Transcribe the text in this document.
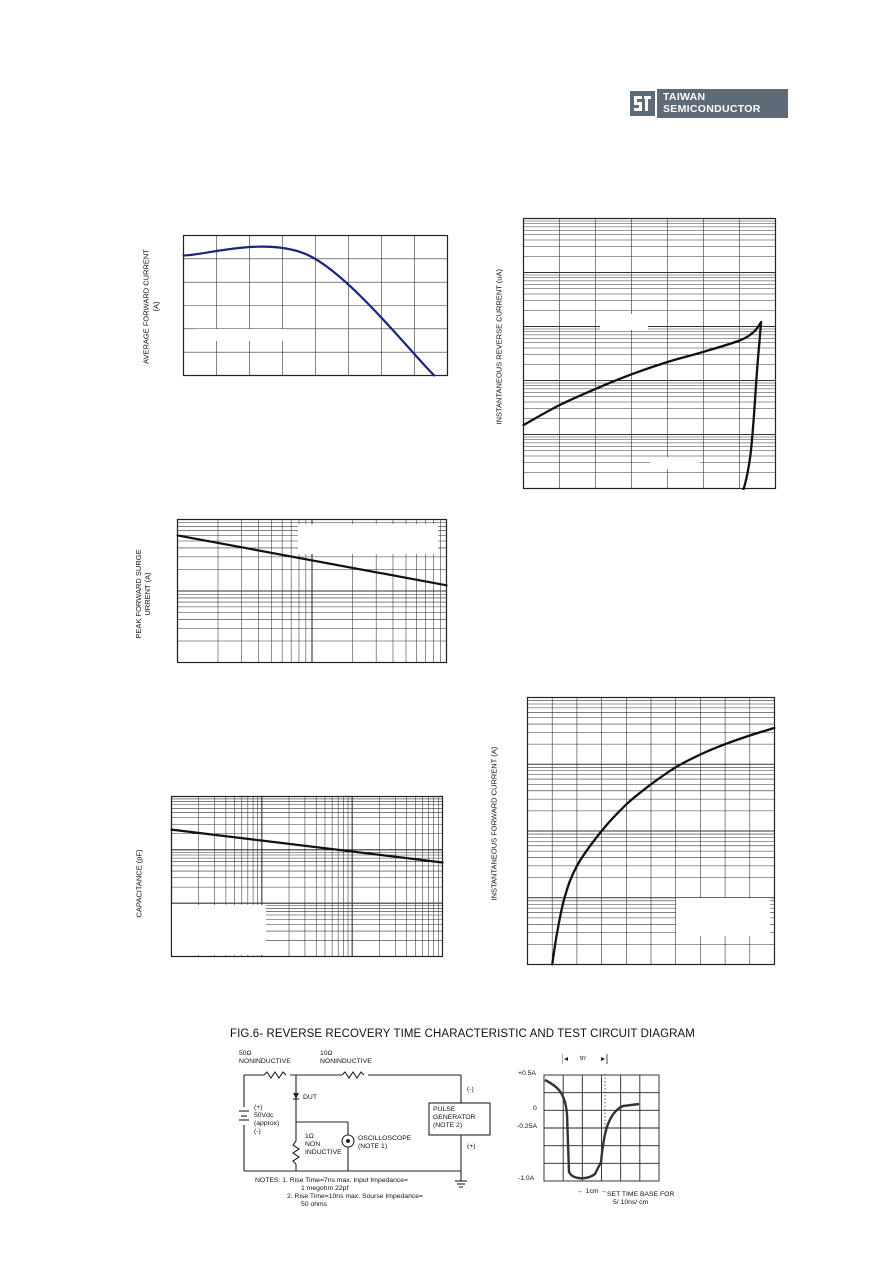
TAIWAN
SEMICONDUCTOR
AVERAGE FORWARD CURRENT (A)	INSTANTANEOUS REVERSE CURRENT (uA)
PEAK FORWARD SURGE URRENT (A)
CAPACITANCE (pF)	INSTANTANEOUS FORWARD CURRENT (A)
FIG.6- REVERSE RECOVERY TIME CHARACTERISTIC AND TEST CIRCUIT DIAGRAM
50Ω
NONINDUCTIVE
10Ω
NONINDUCTIVE
DUT
(+)
50Vdc
(approx)
(-)
1Ω
NON
INDUCTIVE
OSCILLOSCOPE
(NOTE 1)
(-)
PULSE
GENERATOR
(NOTE 2)
(+)
NOTES: 1. Rise Time=7ns max. Input Impedance=
1 megohm 22pf
2. Rise Time=10ns max. Sourse Impedance=
50 ohms
+0.5A
0
-0.25A
-1.0A
trr
← 1cm → SET TIME BASE FOR
5/ 10ns/ cm
